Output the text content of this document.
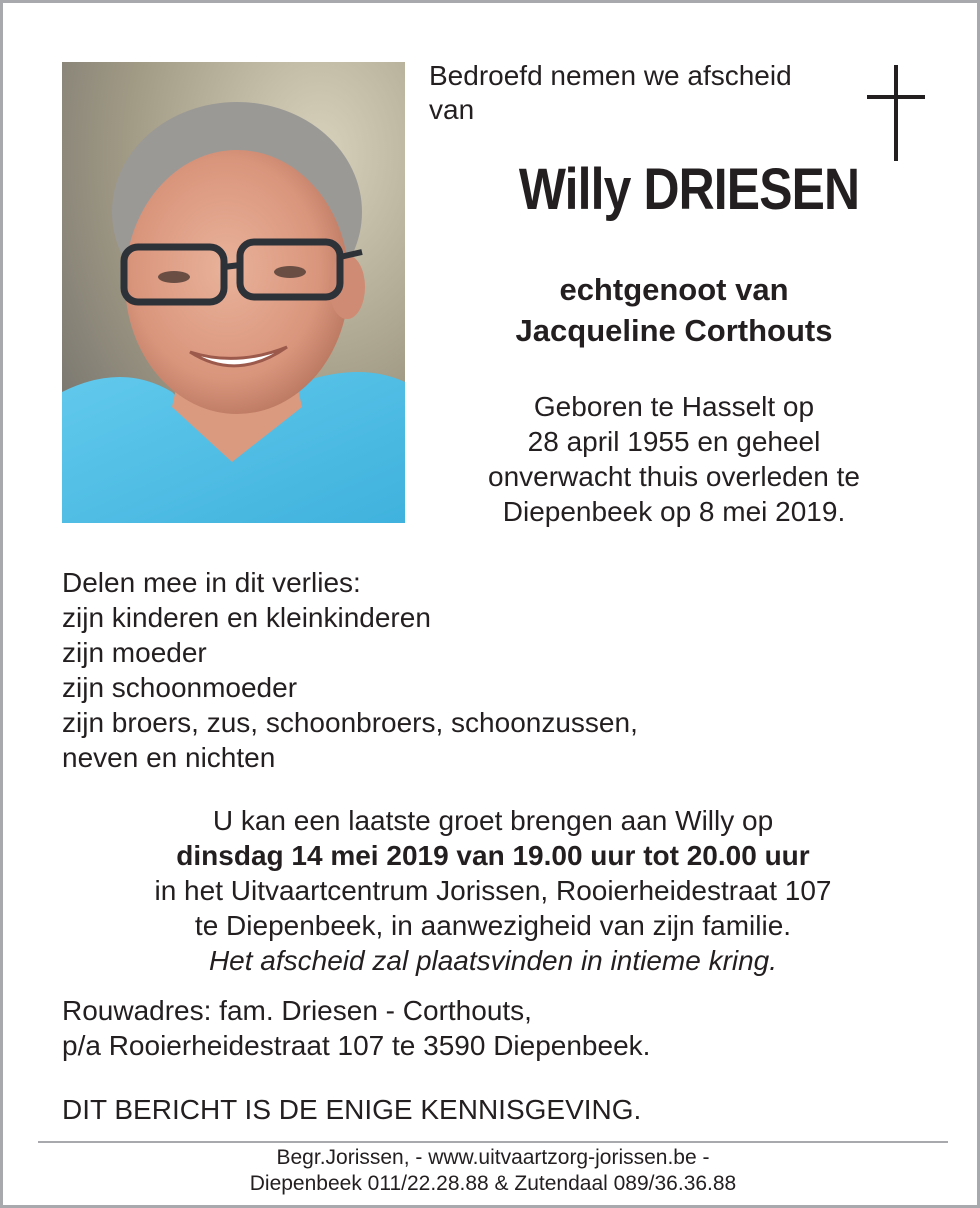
Bedroefd nemen we afscheid
van
Willy DRIESEN
echtgenoot van
Jacqueline Corthouts
Geboren te Hasselt op
28 april 1955 en geheel
onverwacht thuis overleden te
Diepenbeek op 8 mei 2019.
Delen mee in dit verlies:
zijn kinderen en kleinkinderen
zijn moeder
zijn schoonmoeder
zijn broers, zus, schoonbroers, schoonzussen,
neven en nichten
U kan een laatste groet brengen aan Willy op
dinsdag 14 mei 2019 van 19.00 uur tot 20.00 uur
in het Uitvaartcentrum Jorissen, Rooierheidestraat 107
te Diepenbeek, in aanwezigheid van zijn familie.
Het afscheid zal plaatsvinden in intieme kring.
Rouwadres: fam. Driesen - Corthouts,
p/a Rooierheidestraat 107 te 3590 Diepenbeek.
DIT BERICHT IS DE ENIGE KENNISGEVING.
Begr.Jorissen, - www.uitvaartzorg-jorissen.be -
Diepenbeek 011/22.28.88 & Zutendaal 089/36.36.88
